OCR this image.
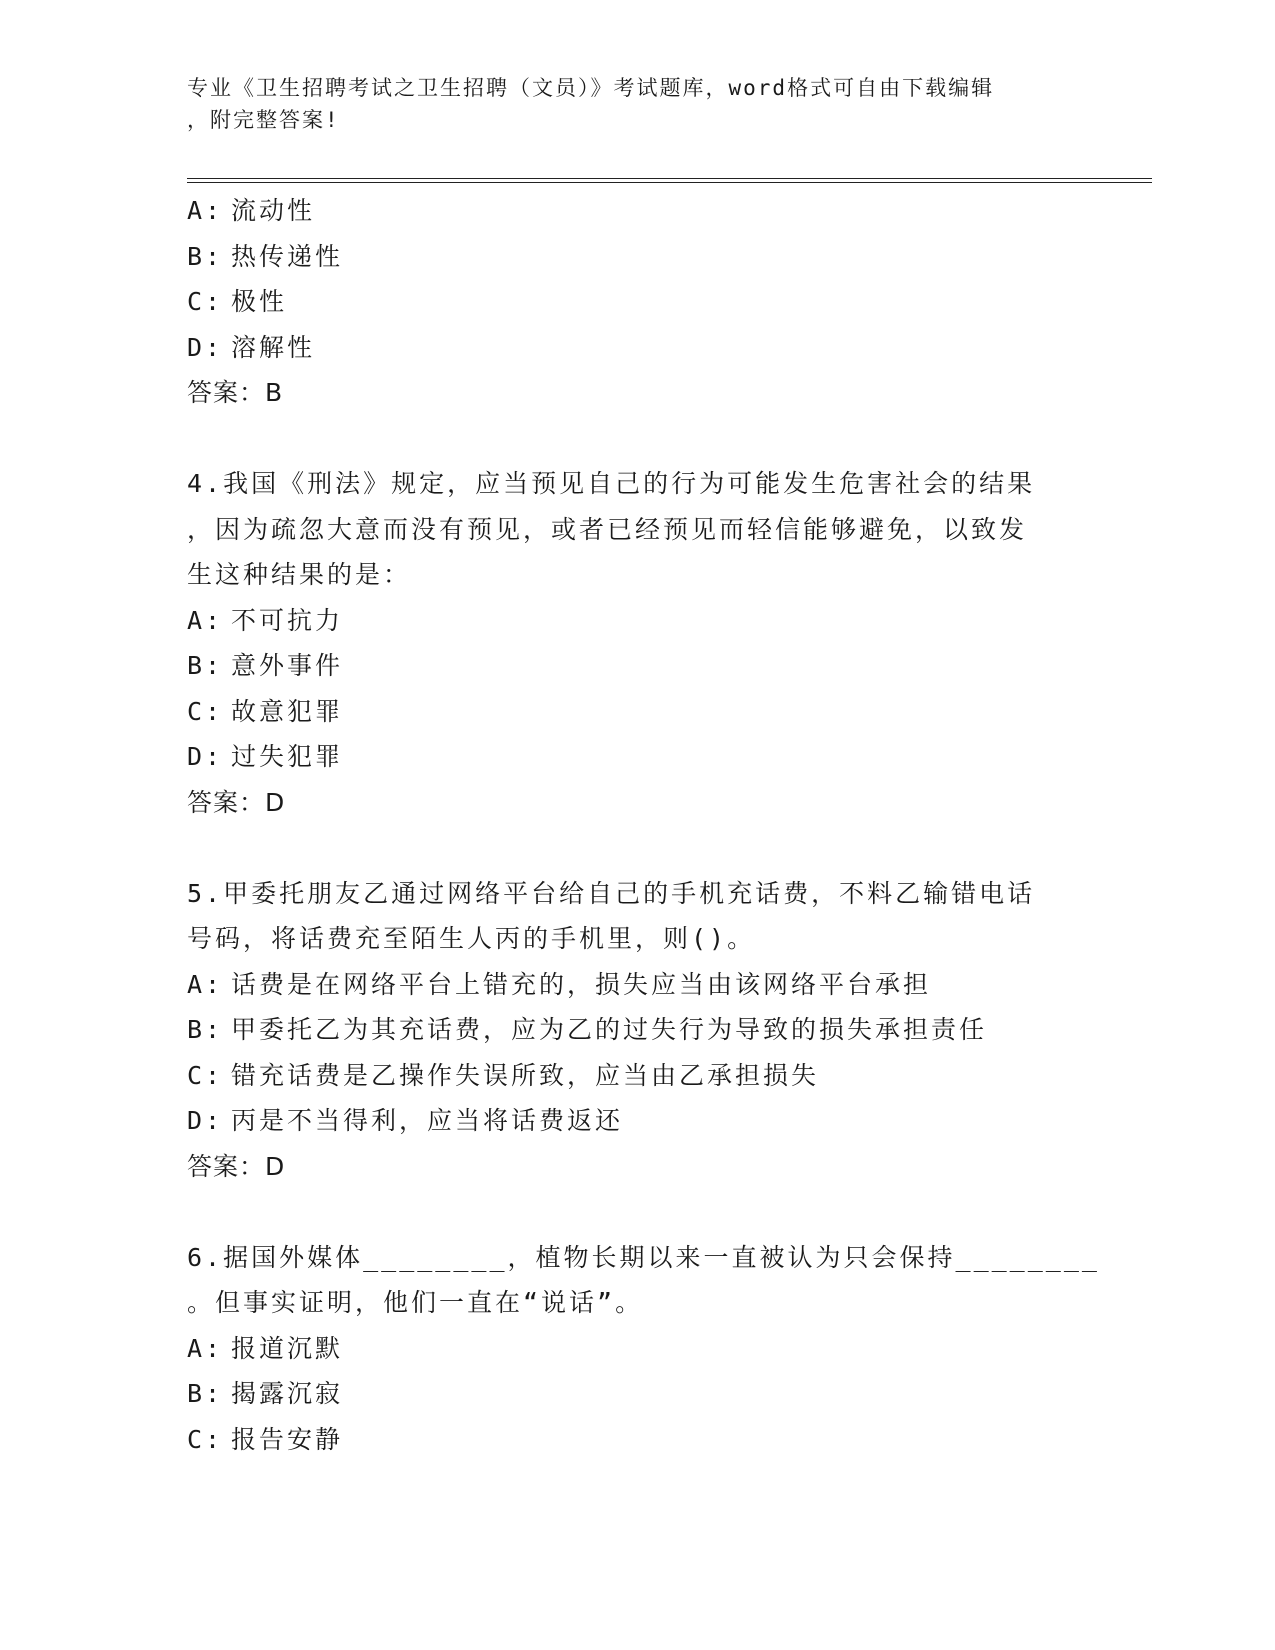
专业《卫生招聘考试之卫生招聘（文员）》考试题库，word格式可自由下载编辑
，附完整答案!
A: 流动性
B: 热传递性
C: 极性
D: 溶解性
答案：B
4.我国《刑法》规定，应当预见自己的行为可能发生危害社会的结果
，因为疏忽大意而没有预见，或者已经预见而轻信能够避免，以致发
生这种结果的是：
A: 不可抗力
B: 意外事件
C: 故意犯罪
D: 过失犯罪
答案：D
5.甲委托朋友乙通过网络平台给自己的手机充话费，不料乙输错电话
号码，将话费充至陌生人丙的手机里，则()。
A: 话费是在网络平台上错充的，损失应当由该网络平台承担
B: 甲委托乙为其充话费，应为乙的过失行为导致的损失承担责任
C: 错充话费是乙操作失误所致，应当由乙承担损失
D: 丙是不当得利，应当将话费返还
答案：D
6.据国外媒体________，植物长期以来一直被认为只会保持________
。但事实证明，他们一直在“说话”。
A: 报道沉默
B: 揭露沉寂
C: 报告安静
